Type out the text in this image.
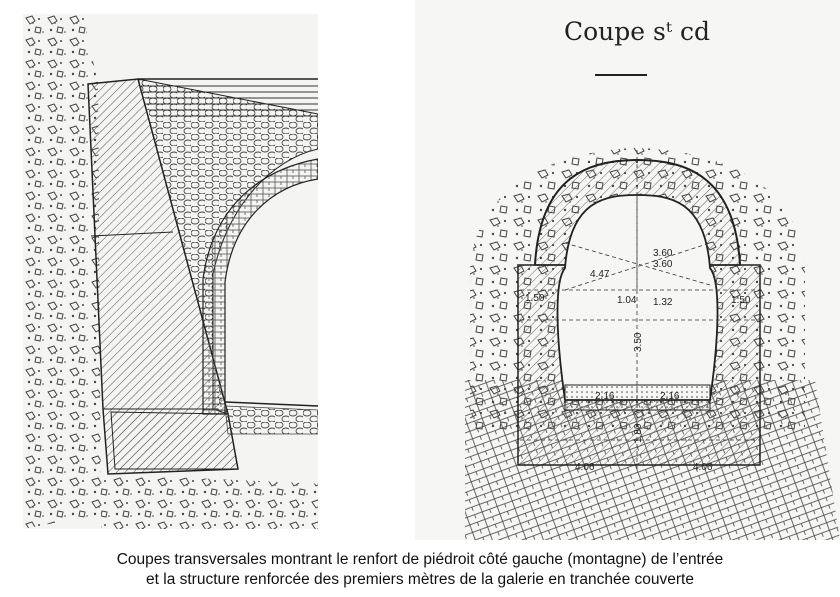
Coupe sᵗ cd
3.60
3.60
4.47
1.50	1.04 1.32	1.50
3.50
2.16	2.16
1.80
4.06	4.06
Coupes transversales montrant le renfort de piédroit côté gauche (montagne) de l’entrée
et la structure renforcée des premiers mètres de la galerie en tranchée couverte
